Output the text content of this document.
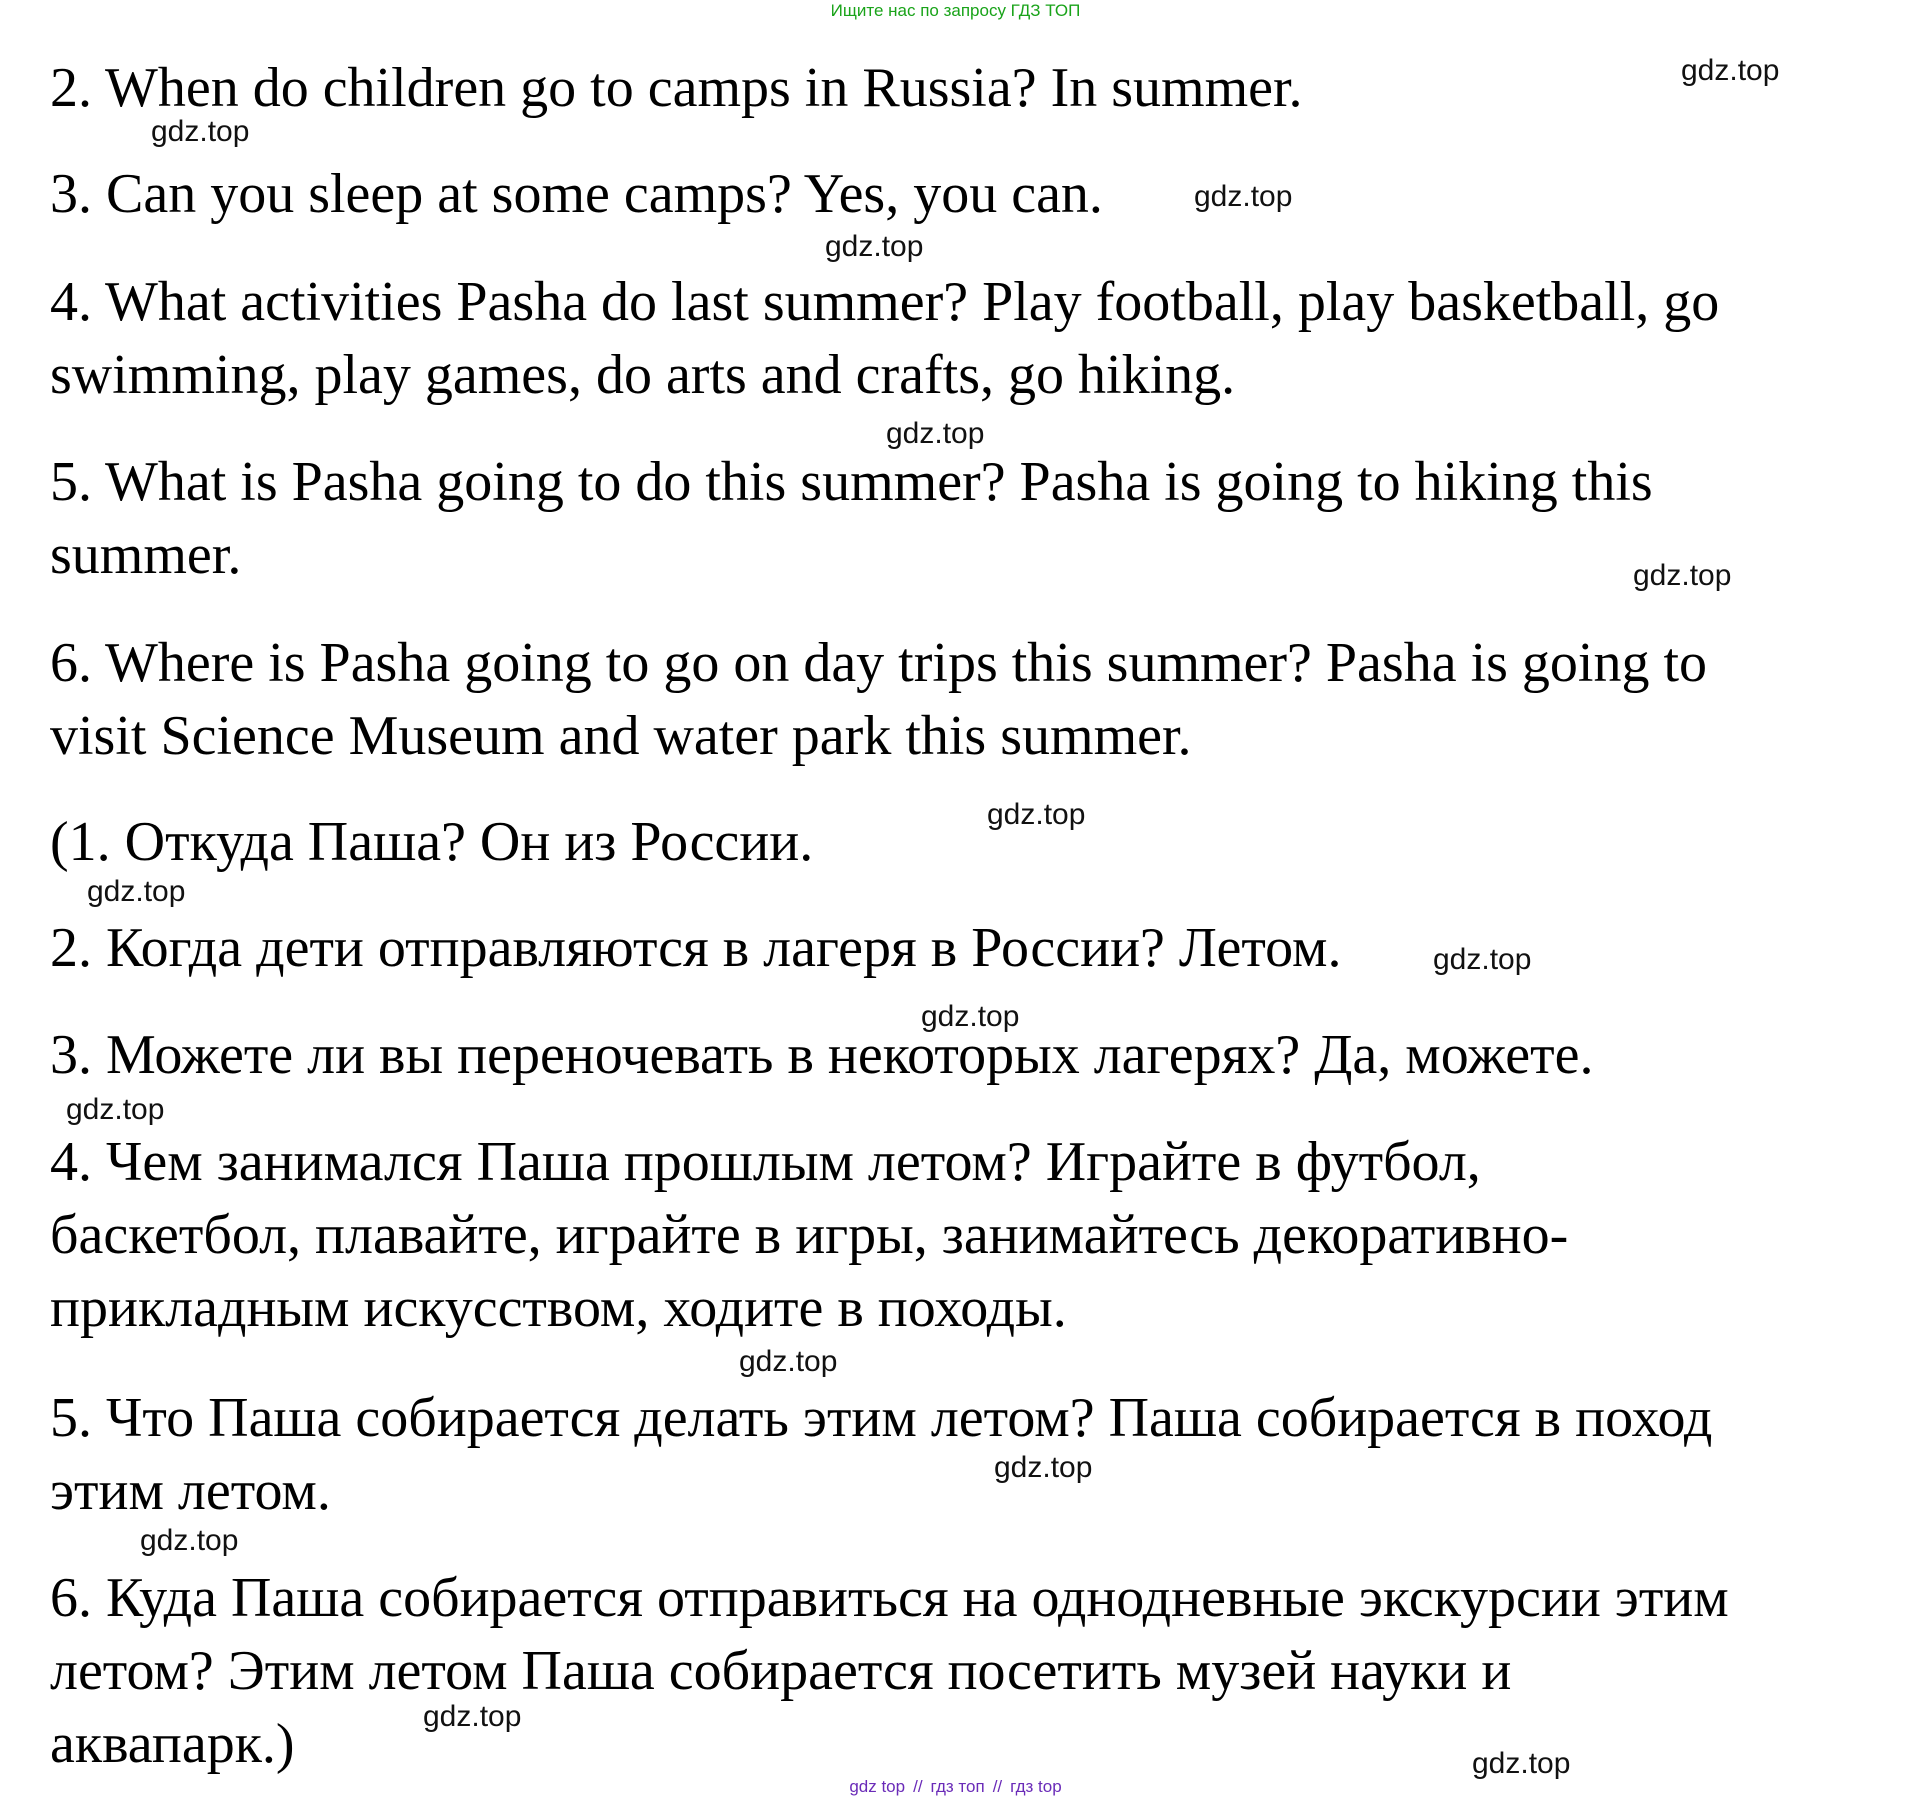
Ищите нас по запросу ГДЗ ТОП

2. When do children go to camps in Russia? In summer.

3. Can you sleep at some camps? Yes, you can.

4. What activities Pasha do last summer? Play football, play basketball, go
swimming, play games, do arts and crafts, go hiking.

5. What is Pasha going to do this summer? Pasha is going to hiking this
summer.

6. Where is Pasha going to go on day trips this summer? Pasha is going to
visit Science Museum and water park this summer.

(1. Откуда Паша? Он из России.

2. Когда дети отправляются в лагеря в России? Летом.

3. Можете ли вы переночевать в некоторых лагерях? Да, можете.

4. Чем занимался Паша прошлым летом? Играйте в футбол,
баскетбол, плавайте, играйте в игры, занимайтесь декоративно-
прикладным искусством, ходите в походы.

5. Что Паша собирается делать этим летом? Паша собирается в поход
этим летом.

6. Куда Паша собирается отправиться на однодневные экскурсии этим
летом? Этим летом Паша собирается посетить музей науки и
аквапарк.)

gdz.top
gdz.top
gdz.top
gdz.top
gdz.top
gdz.top
gdz.top
gdz.top
gdz.top
gdz.top
gdz.top
gdz.top
gdz.top
gdz.top
gdz.top
gdz.top
gdz top // гдз топ // гдз top
